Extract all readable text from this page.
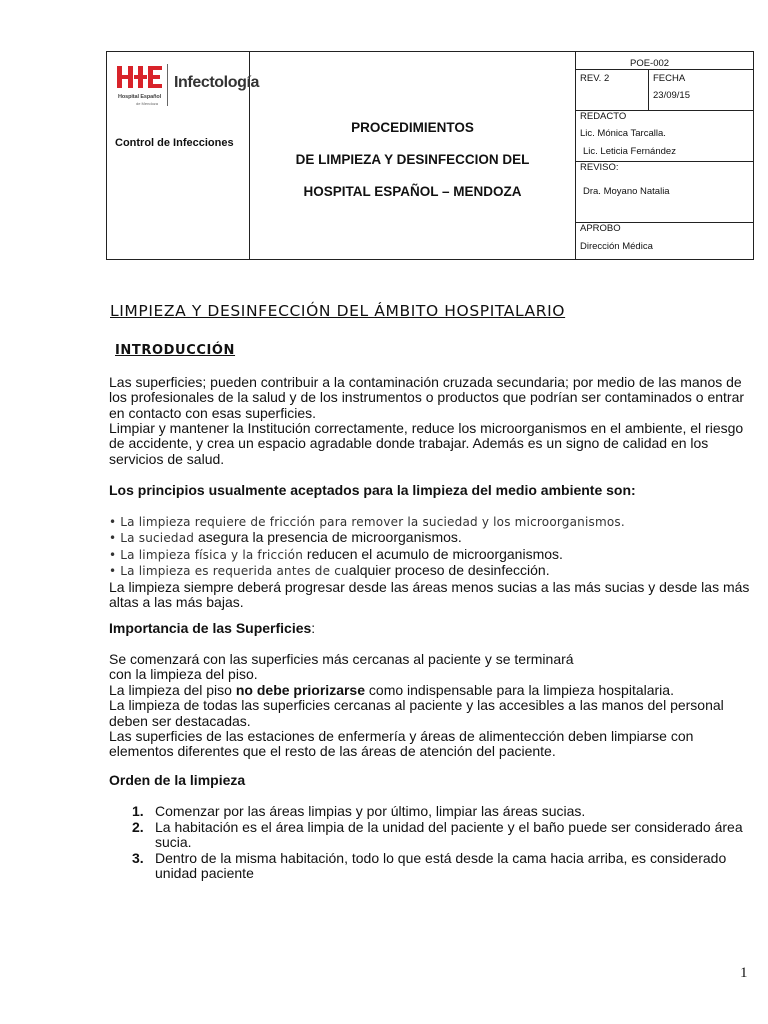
Hospital Español
de Mendoza
Infectología
Control de Infecciones
PROCEDIMIENTOS
DE LIMPIEZA Y DESINFECCION DEL
HOSPITAL ESPAÑOL – MENDOZA
POE-002
REV. 2	FECHA
23/09/15
REDACTO
Lic. Mónica Tarcalla.
Lic. Leticia Fernández
REVISO:
Dra. Moyano Natalia
APROBO
Dirección Médica
LIMPIEZA Y DESINFECCIÓN DEL ÁMBITO HOSPITALARIO
INTRODUCCIÓN
Las superficies; pueden contribuir a la contaminación cruzada secundaria; por medio de las manos de los profesionales de la salud y de los instrumentos o productos que podrían ser contaminados o entrar en contacto con esas superficies.
Limpiar y mantener la Institución correctamente, reduce los microorganismos en el ambiente, el riesgo de accidente, y crea un espacio agradable donde trabajar. Además es un signo de calidad en los servicios de salud.
Los principios usualmente aceptados para la limpieza del medio ambiente son:
• La limpieza requiere de fricción para remover la suciedad y los microorganismos.
• La suciedad asegura la presencia de microorganismos.
• La limpieza física y la fricción reducen el acumulo de microorganismos.
• La limpieza es requerida antes de cualquier proceso de desinfección.
La limpieza siempre deberá progresar desde las áreas menos sucias a las más sucias y desde las más altas a las más bajas.
Importancia de las Superficies:
Se comenzará con las superficies más cercanas al paciente y se terminará
con la limpieza del piso.
La limpieza del piso no debe priorizarse como indispensable para la limpieza hospitalaria.
La limpieza de todas las superficies cercanas al paciente y las accesibles a las manos del personal deben ser destacadas.
Las superficies de las estaciones de enfermería y áreas de alimentección deben limpiarse con elementos diferentes que el resto de las áreas de atención del paciente.
Orden de la limpieza
1. Comenzar por las áreas limpias y por último, limpiar las áreas sucias.
2. La habitación es el área limpia de la unidad del paciente y el baño puede ser considerado área sucia.
3. Dentro de la misma habitación, todo lo que está desde la cama hacia arriba, es considerado unidad paciente
1
